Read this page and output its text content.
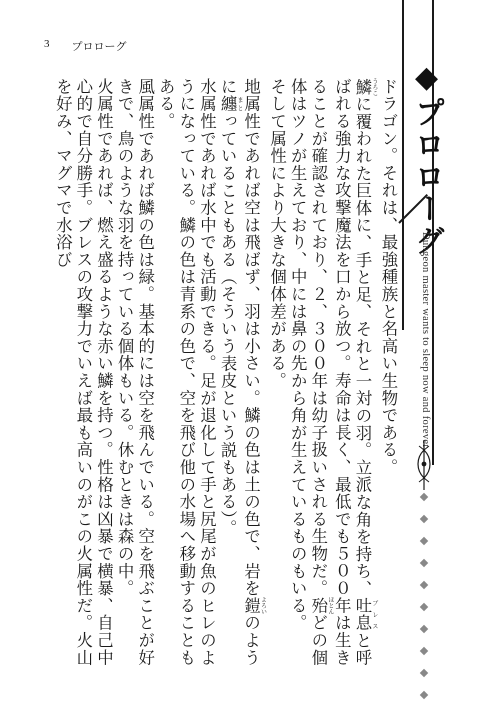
3 プロローグ

ドラゴン。それは、最強種族と名高い生物である。

鱗 うろこに覆われた巨体に、手と足、それと一対の羽。立派な角を持ち、吐息 ブレスと呼ばれる強力な攻撃魔法を口から放つ。寿命は長く、最低でも５００年は生きることが確認されており、２、３００年は幼子扱いされる生物だ。殆 ほとんどの個体はツノが生えており、中には鼻の先から角が生えているものもいる。

そして属性により大きな個体差がある。

地属性であれば空は飛ばず、羽は小さい。鱗の色は土の色で、岩を鎧 よろいのように纏 まとっていることもある（そういう表皮という説もある）。

水属性であれば水中でも活動できる。足が退化して手と尻尾が魚のヒレのようになっている。鱗の色は青系の色で、空を飛び他の水場へ移動することもある。

風属性であれば鱗の色は緑。基本的には空を飛んでいる。空を飛ぶことが好きで、鳥のような羽を持っている個体もいる。休むときは森の中。

火属性であれば、燃え盛るような赤い鱗を持つ。性格は凶暴で横暴、自己中心的で自分勝手。ブレスの攻撃力でいえば最も高いのがこの火属性だ。火山を好み、マグマで水浴び	◆プロローグ
Dungeon master wants to sleep now and forever.
